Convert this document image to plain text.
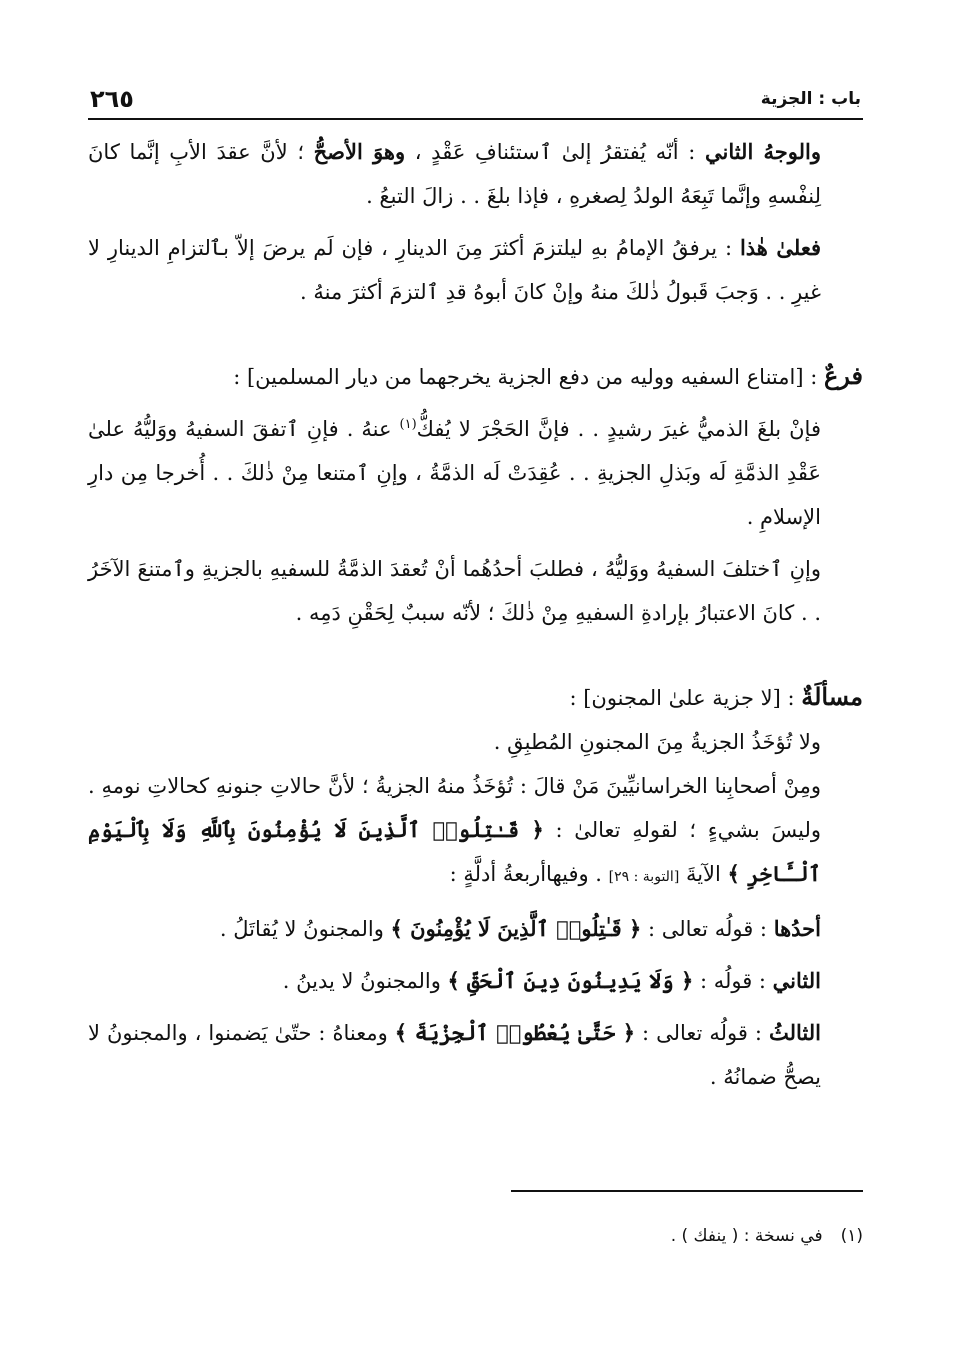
باب : الجزية
٢٦٥

والوجهُ الثاني : أنّه يُفتقرُ إلىٰ ٱستئنافِ عَقْدٍ ، وهوَ الأصحُّ ؛ لأنَّ عقدَ الأبِ إنَّما كانَ لِنفْسهِ وإنَّما تَبِعَهُ الولدُ لِصغرهِ ، فإذا بلغَ . . زالَ التبعُ .

فعلىٰ هٰذا : يرفقُ الإمامُ بهِ ليلتزمَ أكثرَ مِنَ الدينارِ ، فإن لَم يرضَ إلاّ بٱلتزامِ الدينارِ لا غيرِ . . وَجبَ قَبولُ ذٰلكَ منهُ وإنْ كانَ أبوهُ قدِ ٱلتزمَ أكثرَ منهُ .

فرعٌ : [امتناع السفيه ووليه من دفع الجزية يخرجهما من ديار المسلمين] :

فإنْ بلغَ الذميُّ غيرَ رشيدٍ . . فإنَّ الحَجْرَ لا يُفكُّ$^{(١)}$ عنهُ . فإنِ ٱتفقَ السفيهُ ووَليُّهُ علىٰ عَقْدِ الذمَّةِ لَه وبَذلِ الجزيةِ . . عُقِدَتْ لَه الذمَّةُ ، وإنِ ٱمتنعا مِنْ ذٰلكَ . . أُخرجا مِن دارِ الإسلامِ .

وإنِ ٱختلفَ السفيهُ ووَليُّهُ ، فطلبَ أحدُهُما أنْ تُعقدَ الذمَّةُ للسفيهِ بالجزيةِ وٱمتنعَ الآخَرُ . . كانَ الاعتبارُ بإرادةِ السفيهِ مِنْ ذٰلكَ ؛ لأنّه سببٌ لِحَقْنِ دَمِه .

مسألَةٌ : [لا جزية علىٰ المجنون] :

ولا تُؤخَذُ الجزيةُ مِنَ المجنونِ المُطبِقِ .

ومِنْ أصحابِنا الخراسانيِّينَ مَنْ قالَ : تُؤخَذُ منهُ الجزيةُ ؛ لأنَّ حالاتِ جنونهِ كحالاتِ نومهِ . وليسَ بشيءٍ ؛ لقولهِ تعالىٰ : ﴿ قَـٰتِلُوا۟ ٱلَّذِينَ لَا يُؤْمِنُونَ بِٱللَّهِ وَلَا بِٱلْيَوْمِ ٱلْـَٔاخِرِ ﴾ الآيةَ [التوبة : ٢٩] . وفيهاأربعةُ أدلَّةٍ :

أحدُها : قولُه تعالى : ﴿ قَـٰتِلُوا۟ ٱلَّذِينَ لَا يُؤْمِنُونَ ﴾ والمجنونُ لا يُقاتَلُ .

الثاني : قولُه : ﴿ وَلَا يَدِينُونَ دِينَ ٱلْحَقِّ ﴾ والمجنونُ لا يدينُ .

الثالثُ : قولُه تعالى : ﴿ حَتَّىٰ يُعْطُوا۟ ٱلْجِزْيَةَ ﴾ ومعناهُ : حتّىٰ يَضمنوا ، والمجنونُ لا يصحُّ ضمانُهُ .

(١)في نسخة : ( ينفك ) .
